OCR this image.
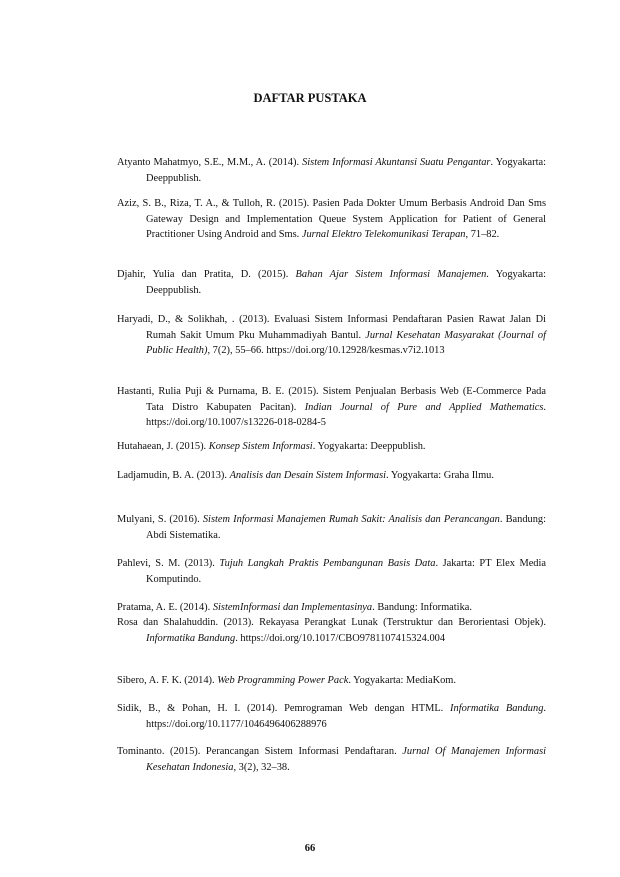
DAFTAR PUSTAKA

Atyanto Mahatmyo, S.E., M.M., A. (2014). Sistem Informasi Akuntansi Suatu Pengantar. Yogyakarta: Deeppublish.

Aziz, S. B., Riza, T. A., & Tulloh, R. (2015). Pasien Pada Dokter Umum Berbasis Android Dan Sms Gateway Design and Implementation Queue System Application for Patient of General Practitioner Using Android and Sms. Jurnal Elektro Telekomunikasi Terapan, 71–82.

Djahir, Yulia dan Pratita, D. (2015). Bahan Ajar Sistem Informasi Manajemen. Yogyakarta: Deeppublish.

Haryadi, D., & Solikhah, . (2013). Evaluasi Sistem Informasi Pendaftaran Pasien Rawat Jalan Di Rumah Sakit Umum Pku Muhammadiyah Bantul. Jurnal Kesehatan Masyarakat (Journal of Public Health), 7(2), 55–66. https://doi.org/10.12928/kesmas.v7i2.1013

Hastanti, Rulia Puji & Purnama, B. E. (2015). Sistem Penjualan Berbasis Web (E-Commerce Pada Tata Distro Kabupaten Pacitan). Indian Journal of Pure and Applied Mathematics. https://doi.org/10.1007/s13226-018-0284-5

Hutahaean, J. (2015). Konsep Sistem Informasi. Yogyakarta: Deeppublish.

Ladjamudin, B. A. (2013). Analisis dan Desain Sistem Informasi. Yogyakarta: Graha Ilmu.

Mulyani, S. (2016). Sistem Informasi Manajemen Rumah Sakit: Analisis dan Perancangan. Bandung: Abdi Sistematika.

Pahlevi, S. M. (2013). Tujuh Langkah Praktis Pembangunan Basis Data. Jakarta: PT Elex Media Komputindo.

Pratama, A. E. (2014). SistemInformasi dan Implementasinya. Bandung: Informatika.

Rosa dan Shalahuddin. (2013). Rekayasa Perangkat Lunak (Terstruktur dan Berorientasi Objek). Informatika Bandung. https://doi.org/10.1017/CBO9781107415324.004

Sibero, A. F. K. (2014). Web Programming Power Pack. Yogyakarta: MediaKom.

Sidik, B., & Pohan, H. I. (2014). Pemrograman Web dengan HTML. Informatika Bandung. https://doi.org/10.1177/1046496406288976

Tominanto. (2015). Perancangan Sistem Informasi Pendaftaran. Jurnal Of Manajemen Informasi Kesehatan Indonesia, 3(2), 32–38.

66
